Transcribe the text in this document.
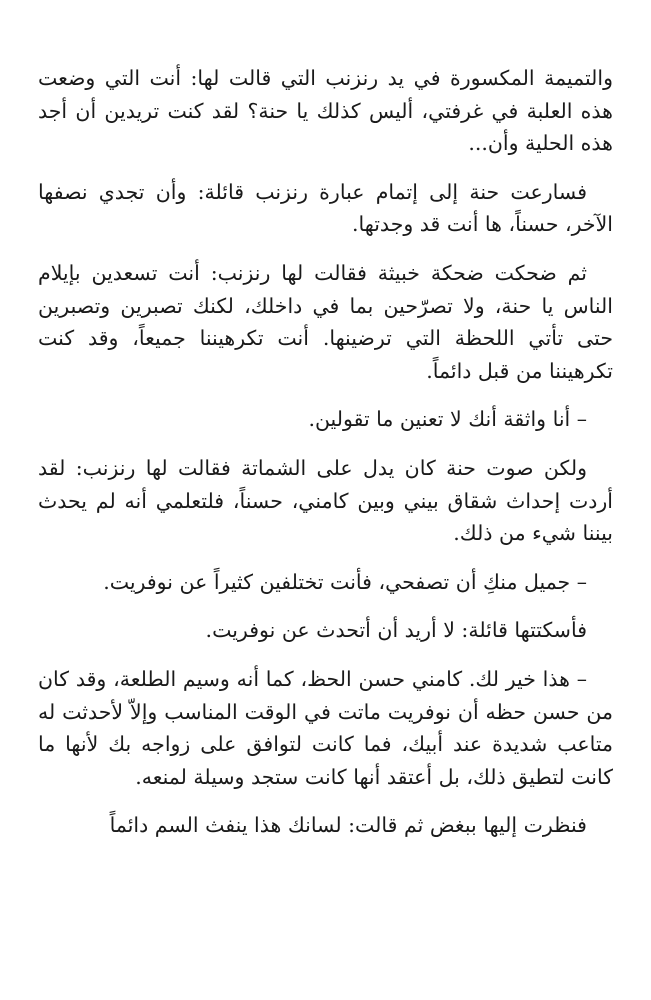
والتميمة المكسورة في يد رنزنب التي قالت لها: أنت التي وضعت هذه العلبة في غرفتي، أليس كذلك يا حنة؟ لقد كنت تريدين أن أجد هذه الحلية وأن...

فسارعت حنة إلى إتمام عبارة رنزنب قائلة: وأن تجدي نصفها الآخر، حسناً، ها أنت قد وجدتها.

ثم ضحكت ضحكة خبيثة فقالت لها رنزنب: أنت تسعدين بإيلام الناس يا حنة، ولا تصرّحين بما في داخلك، لكنك تصبرين وتصبرين حتى تأتي اللحظة التي ترضينها. أنت تكرهيننا جميعاً، وقد كنت تكرهيننا من قبل دائماً.

– أنا واثقة أنك لا تعنين ما تقولين.

ولكن صوت حنة كان يدل على الشماتة فقالت لها رنزنب: لقد أردت إحداث شقاق بيني وبين كامني، حسناً، فلتعلمي أنه لم يحدث بيننا شيء من ذلك.

– جميل منكِ أن تصفحي، فأنت تختلفين كثيراً عن نوفريت.

فأسكتتها قائلة: لا أريد أن أتحدث عن نوفريت.

– هذا خير لك. كامني حسن الحظ، كما أنه وسيم الطلعة، وقد كان من حسن حظه أن نوفريت ماتت في الوقت المناسب وإلاّ لأحدثت له متاعب شديدة عند أبيك، فما كانت لتوافق على زواجه بك لأنها ما كانت لتطيق ذلك، بل أعتقد أنها كانت ستجد وسيلة لمنعه.

فنظرت إليها ببغض ثم قالت: لسانك هذا ينفث السم دائماً
